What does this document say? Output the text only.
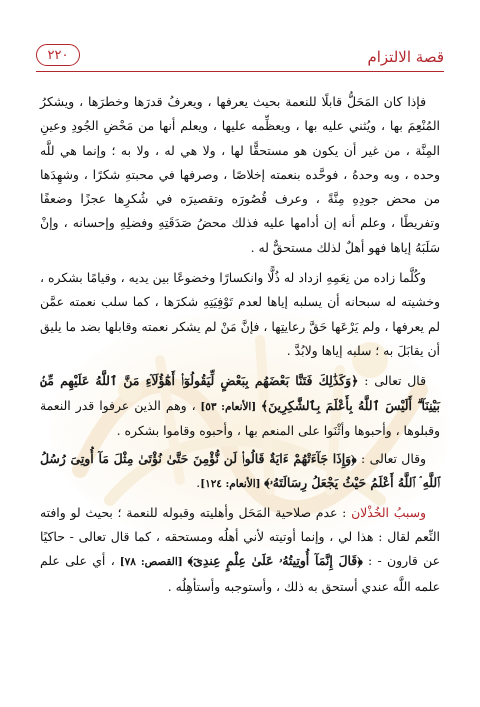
٢٢٠	قصة الالتزام

فإذا كان المَحَلُّ قابلًا للنعمة بحيث يعرفها ، ويعرفُ قدرَها وخطرَها ، ويشكرُ المُنْعِمَ بها ، ويُثني عليه بها ، ويعظِّمه عليها ، ويعلم أنها من مَحْضِ الجُودِ وعينِ المِنَّة ، من غير أن يكون هو مستحقًّا لها ، ولا هي له ، ولا به ؛ وإنما هي للَّه وحده ، وبه وحدهُ ، فوحَّده بنعمته إخلاصًا ، وصرفها في محبتهِ شكرًا ، وشهِدَها من محض جودِهِ مِنَّةً ، وعرف قُصُورَه وتقصيرَه في شُكرِها عجزًا وضعفًا وتفريطًا ، وعلم أنه إن أدامها عليه فذلك محضُ صَدَقَتِهِ وفضلِهِ وإحسانه ، وإنْ سَلَبَهُ إياها فهو أهلٌ لذلك مستحقٌّ له .

وكُلَّما زاده من نِعَمِهِ ازداد له ذُلًّا وانكسارًا وخضوعًا بين يديه ، وقيامًا بشكره ، وخشيته له سبحانه أن يسلبه إياها لعدم تَوْفِيَتِهِ شكرَها ، كما سلب نعمته عمَّن لم يعرفها ، ولم يَرْعَها حَقَّ رعايتِها ، فإنَّ مَنْ لم يشكر نعمته وقابلها بضد ما يليق أن يقابَلَ به ؛ سلبه إياها ولابُدَّ .

قال تعالى : ﴿وَكَذَٰلِكَ فَتَنَّا بَعْضَهُم بِبَعْضٍ لِّيَقُولُوٓا۟ أَهَٰٓؤُلَآءِ مَنَّ ٱللَّهُ عَلَيْهِم مِّنۢ بَيْنِنَآ ۗ أَلَيْسَ ٱللَّهُ بِأَعْلَمَ بِٱلشَّٰكِرِينَ﴾ [الأنعام: ٥٣] ، وهم الذين عرفوا قدر النعمة وقبلوها ، وأحبوها وأثْنَوا على المنعم بها ، وأحبوه وقاموا بشكره .

وقال تعالى : ﴿وَإِذَا جَآءَتْهُمْ ءَايَةٌ قَالُوا۟ لَن نُّؤْمِنَ حَتَّىٰ نُؤْتَىٰ مِثْلَ مَآ أُوتِىَ رُسُلُ ٱللَّهِ ۘ ٱللَّهُ أَعْلَمُ حَيْثُ يَجْعَلُ رِسَالَتَهُۥ﴾ [الأنعام: ١٢٤].

وسببُ الخُذْلان : عدم صلاحية المَحَل وأهليته وقبوله للنعمة ؛ بحيث لو وافته النِّعم لقال : هذا لي ، وإنما أوتيته لأني أهلُه ومستحقه ، كما قال تعالى - حاكيًا عن قارون - : ﴿قَالَ إِنَّمَآ أُوتِيتُهُۥ عَلَىٰ عِلْمٍ عِندِىٓ﴾ [القصص: ٧٨] ، أي على علم علمه اللَّه عندي أستحق به ذلك ، وأستوجبه وأستأهِلُه .
